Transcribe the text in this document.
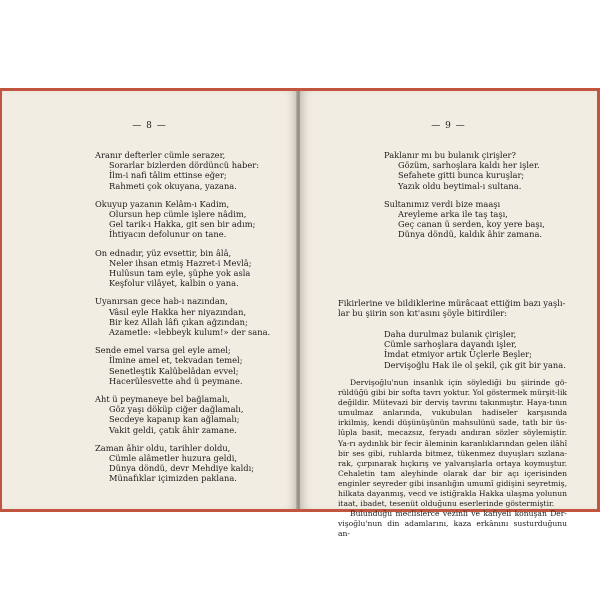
— 8 —
Aranır defterler cümle serazer,
Sorarlar bizlerden dördüncü haber:
İlm-i nafi tâlim ettinse eğer;
Rahmeti çok okuyana, yazana.
Okuyup yazanın Kelâm-ı Kadim,
Olursun hep cümle işlere nâdim,
Gel tarik-ı Hakka, git sen bir adım;
İhtiyacın defolunur on tane.
On ednadır, yüz evsettir, bin âlâ,
Neler ihsan etmiş Hazret-i Mevlâ;
Hulûsun tam eyle, şüphe yok asla
Keşfolur vilâyet, kalbin o yana.
Uyanırsan gece hab-ı nazından,
Vâsıl eyle Hakka her niyazından,
Bir kez Allah lâfı çıkan ağzından;
Azametle: «lebbeyk kulum!» der sana.
Sende emel varsa gel eyle amel;
İlmine amel et, tekvadan temel;
Senetleştik Kalûbelâdan evvel;
Hacerülesvette ahd ü peymane.
Aht ü peymaneye bel bağlamalı,
Göz yaşı döküp ciğer dağlamalı,
Secdeye kapanıp kan ağlamalı;
Vakit geldi, çatık âhir zamane.
Zaman âhir oldu, tarihler doldu,
Cümle alâmetler huzura geldi,
Dünya döndü, devr Mehdiye kaldı;
Münafıklar içimizden paklana.
— 9 —
Paklanır mı bu bulanık çirişler?
Gözüm, sarhoşlara kaldı her işler.
Sefahete gitti bunca kuruşlar;
Yazık oldu beytimal-ı sultana.
Sultanımız verdi bize maaşı
Areyleme arka ile taş taşı,
Geç canan ü serden, koy yere başı,
Dünya döndü, kaldık âhir zamana.
Fikirlerine ve bildiklerine mürâcaat ettiğim bazı yaşlı-
lar bu şiirin son kıt'asını şöyle bitirdiler:
Daha durulmaz bulanık çirişler,
Cümle sarhoşlara dayandı işler,
İmdat etmiyor artık Üçlerle Beşler;
Dervişoğlu Hak ile ol şekil, çık git bir yana.

Dervişoğlu'nun insanlık için söylediği bu şiirinde gö-rüldüğü gibi bir softa tavrı yoktur. Yol göstermek mürşit-lik değildir. Mütevazi bir derviş tavrını takınmıştır. Haya-tının umulmaz anlarında, vukubulan hadiseler karşısında irkilmiş, kendi düşünüşünün mahsulünü sade, tatlı bir üs-lûpla basit, mecazsız, feryadı andıran sözler söylemiştir. Ya-rı aydınlık bir fecir âleminin karanlıklarından gelen ilâhî bir ses gibi, ruhlarda bitmez, tükenmez duyuşları sızlana-rak, çırpınarak hıçkırış ve yalvarışlarla ortaya koymuştur. Cehaletin tam aleyhinde olarak dar bir açı içerisinden enginler seyreder gibi insanlığın umumî gidişini seyretmiş, hilkata dayanmış, vecd ve istiğrakla Hakka ulaşma yolunun itaat, ibadet, tesenüt olduğunu eserlerinde göstermiştir.

Bulunduğu meclislerce vezinli ve kafiyeli konuşan Der-vişoğlu'nun din adamlarını, kaza erkânını susturduğunu an-
